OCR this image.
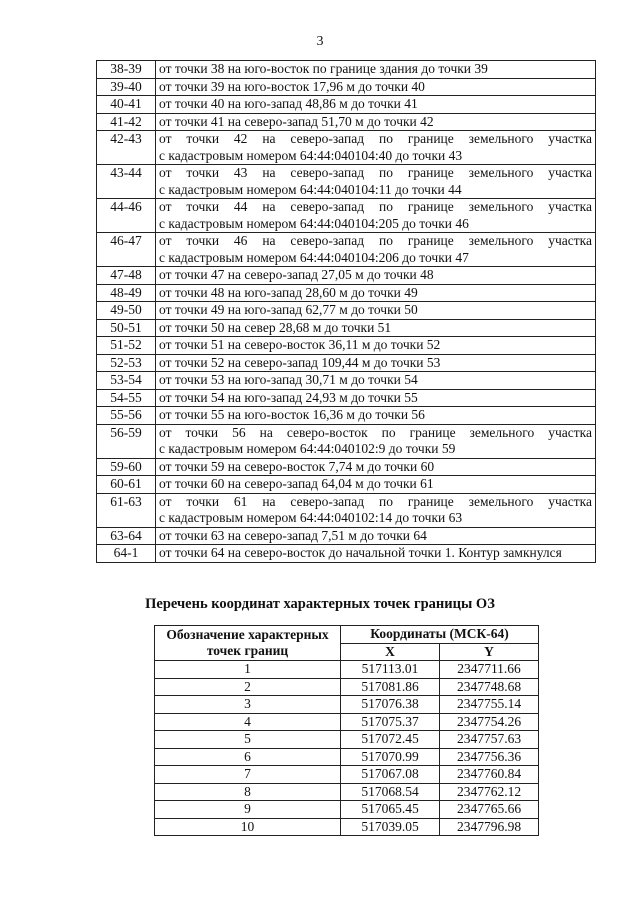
3
38-39	от точки 38 на юго-восток по границе здания до точки 39

39-40	от точки 39 на юго-восток 17,96 м до точки 40

40-41	от точки 40 на юго-запад 48,86 м до точки 41

41-42	от точки 41 на северо-запад 51,70 м до точки 42

42-43	от точки 42 на северо-запад по границе земельного участка
с кадастровым номером 64:44:040104:40 до точки 43

43-44	от точки 43 на северо-запад по границе земельного участка
с кадастровым номером 64:44:040104:11 до точки 44

44-46	от точки 44 на северо-запад по границе земельного участка
с кадастровым номером 64:44:040104:205 до точки 46

46-47	от точки 46 на северо-запад по границе земельного участка
с кадастровым номером 64:44:040104:206 до точки 47

47-48	от точки 47 на северо-запад 27,05 м до точки 48

48-49	от точки 48 на юго-запад 28,60 м до точки 49

49-50	от точки 49 на юго-запад 62,77 м до точки 50

50-51	от точки 50 на север 28,68 м до точки 51

51-52	от точки 51 на северо-восток 36,11 м до точки 52

52-53	от точки 52 на северо-запад 109,44 м до точки 53

53-54	от точки 53 на юго-запад 30,71 м до точки 54

54-55	от точки 54 на юго-запад 24,93 м до точки 55

55-56	от точки 55 на юго-восток 16,36 м до точки 56

56-59	от точки 56 на северо-восток по границе земельного участка
с кадастровым номером 64:44:040102:9 до точки 59

59-60	от точки 59 на северо-восток 7,74 м до точки 60

60-61	от точки 60 на северо-запад 64,04 м до точки 61

61-63	от точки 61 на северо-запад по границе земельного участка
с кадастровым номером 64:44:040102:14 до точки 63

63-64	от точки 63 на северо-запад 7,51 м до точки 64

64-1	от точки 64 на северо-восток до начальной точки 1. Контур замкнулся
Перечень координат характерных точек границы ОЗ
Обозначение характерных точек границ	Координаты (МСК-64)	
	X	Y
1	517113.01	2347711.66
2	517081.86	2347748.68
3	517076.38	2347755.14
4	517075.37	2347754.26
5	517072.45	2347757.63
6	517070.99	2347756.36
7	517067.08	2347760.84
8	517068.54	2347762.12
9	517065.45	2347765.66
10	517039.05	2347796.98
